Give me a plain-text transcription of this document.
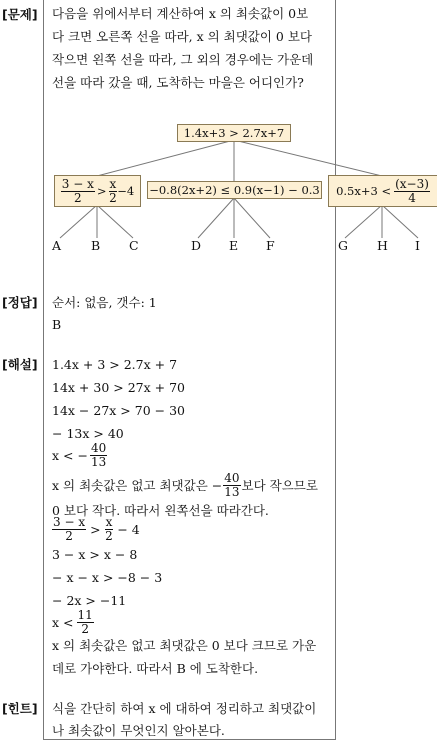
[문제] 다음을 위에서부터 계산하여 x 의 최솟값이 0보
다 크면 오른쪽 선을 따라, x 의 최댓값이 0 보다
작으면 왼쪽 선을 따라, 그 외의 경우에는 가운데
선을 따라 갔을 때, 도착하는 마을은 어디인가?
1.4x+3 > 2.7x+7
$\frac{3 - x}{2} > \frac{x}{2} -4 -0.8(2x+2) \le 0.9(x-1) - 0.3$ $0.5x+3 < \frac{(x-3)}{4}$
A B C	D E F	G H I
[정답] 순서: 없음, 갯수: 1
B
[해설] 1.4x + 3 > 2.7x + 7
14x + 30 > 27x + 70
14x − 27x > 70 − 30
− 13x > 40
x < − $\frac{40}{13}$
x 의 최솟값은 없고 최댓값은 − $\frac{40}{13}$ 보다 작으므로
0 보다 작다. 따라서 왼쪽선을 따라간다.
$\frac{3 - x}{2} > \frac{x}{2} - 4$
3 − x > x − 8
− x − x > −8 − 3
− 2x > −11
$x < \frac{11}{2}$
x 의 최솟값은 없고 최댓값은 0 보다 크므로 가운
데로 가야한다. 따라서 B 에 도착한다.
[힌트] 식을 간단히 하여 x 에 대하여 정리하고 최댓값이
나 최솟값이 무엇인지 알아본다.
